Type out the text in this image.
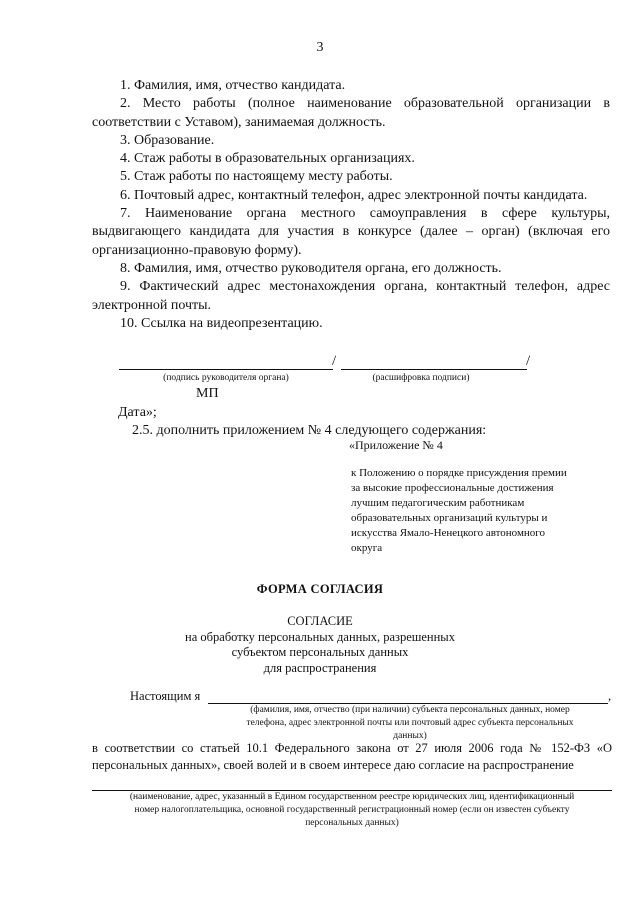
3

1. Фамилия, имя, отчество кандидата.

2. Место работы (полное наименование образовательной организации в соответствии с Уставом), занимаемая должность.

3. Образование.

4. Стаж работы в образовательных организациях.

5. Стаж работы по настоящему месту работы.

6. Почтовый адрес, контактный телефон, адрес электронной почты кандидата.

7. Наименование органа местного самоуправления в сфере культуры, выдвигающего кандидата для участия в конкурсе (далее – орган) (включая его организационно-правовую форму).

8. Фамилия, имя, отчество руководителя органа, его должность.

9. Фактический адрес местонахождения органа, контактный телефон, адрес электронной почты.

10. Ссылка на видеопрезентацию.

/	/
(подпись руководителя органа)	(расшифровка подписи)
МП
Дата»;
2.5. дополнить приложением № 4 следующего содержания:
«Приложение № 4
к Положению о порядке присуждения премии
за высокие профессиональные достижения
лучшим педагогическим работникам
образовательных организаций культуры и
искусства Ямало-Ненецкого автономного
округа
ФОРМА СОГЛАСИЯ
СОГЛАСИЕ
на обработку персональных данных, разрешенных
субъектом персональных данных
для распространения
Настоящим я	,
(фамилия, имя, отчество (при наличии) субъекта персональных данных, номер
телефона, адрес электронной почты или почтовый адрес субъекта персональных
данных)
в соответствии со статьей 10.1 Федерального закона от 27 июля 2006 года № 152-ФЗ «О персональных данных», своей волей и в своем интересе даю согласие на распространение
(наименование, адрес, указанный в Едином государственном реестре юридических лиц, идентификационный
номер налогоплательщика, основной государственный регистрационный номер (если он известен субъекту
персональных данных)
